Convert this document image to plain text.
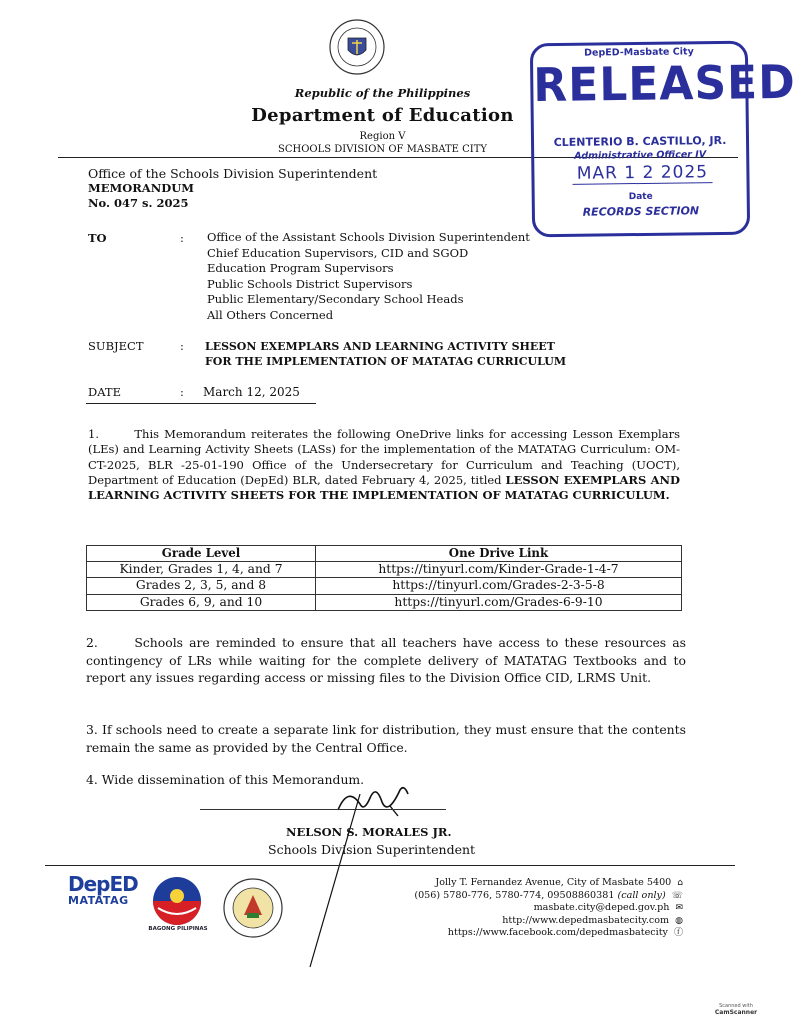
Republic of the Philippines
Department of Education
Region V
SCHOOLS DIVISION OF MASBATE CITY
DepED-Masbate City
RELEASED
CLENTERIO B. CASTILLO, JR.
Administrative Officer IV
MAR 1 2 2025
Date
RECORDS SECTION
Office of the Schools Division Superintendent
MEMORANDUM
No. 047 s. 2025
TO	: Office of the Assistant Schools Division Superintendent
Chief Education Supervisors, CID and SGOD
Education Program Supervisors
Public Schools District Supervisors
Public Elementary/Secondary School Heads
All Others Concerned
SUBJECT	: LESSON EXEMPLARS AND LEARNING ACTIVITY SHEET
FOR THE IMPLEMENTATION OF MATATAG CURRICULUM
DATE	: March 12, 2025
1.	This Memorandum reiterates the following OneDrive links for accessing Lesson Exemplars (LEs) and Learning Activity Sheets (LASs) for the implementation of the MATATAG Curriculum: OM-CT-2025, BLR -25-01-190 Office of the Undersecretary for Curriculum and Teaching (UOCT), Department of Education (DepEd) BLR, dated February 4, 2025, titled LESSON EXEMPLARS AND LEARNING ACTIVITY SHEETS FOR THE IMPLEMENTATION OF MATATAG CURRICULUM.
Grade Level	One Drive Link
Kinder, Grades 1, 4, and 7	https://tinyurl.com/Kinder-Grade-1-4-7
Grades 2, 3, 5, and 8	https://tinyurl.com/Grades-2-3-5-8
Grades 6, 9, and 10	https://tinyurl.com/Grades-6-9-10
2.	Schools are reminded to ensure that all teachers have access to these resources as contingency of LRs while waiting for the complete delivery of MATATAG Textbooks and to report any issues regarding access or missing files to the Division Office CID, LRMS Unit.
3. If schools need to create a separate link for distribution, they must ensure that the contents remain the same as provided by the Central Office.
4. Wide dissemination of this Memorandum.
NELSON S. MORALES JR.
Schools Division Superintendent
DepED
MATATAG
BAGONG PILIPINAS
Jolly T. Fernandez Avenue, City of Masbate 5400 ⌂
(056) 5780-776, 5780-774, 09508860381 (call only) ☏
masbate.city@deped.gov.ph ✉
http://www.depedmasbatecity.com ◍
https://www.facebook.com/depedmasbatecity ⓕ
Scanned with
CamScanner
